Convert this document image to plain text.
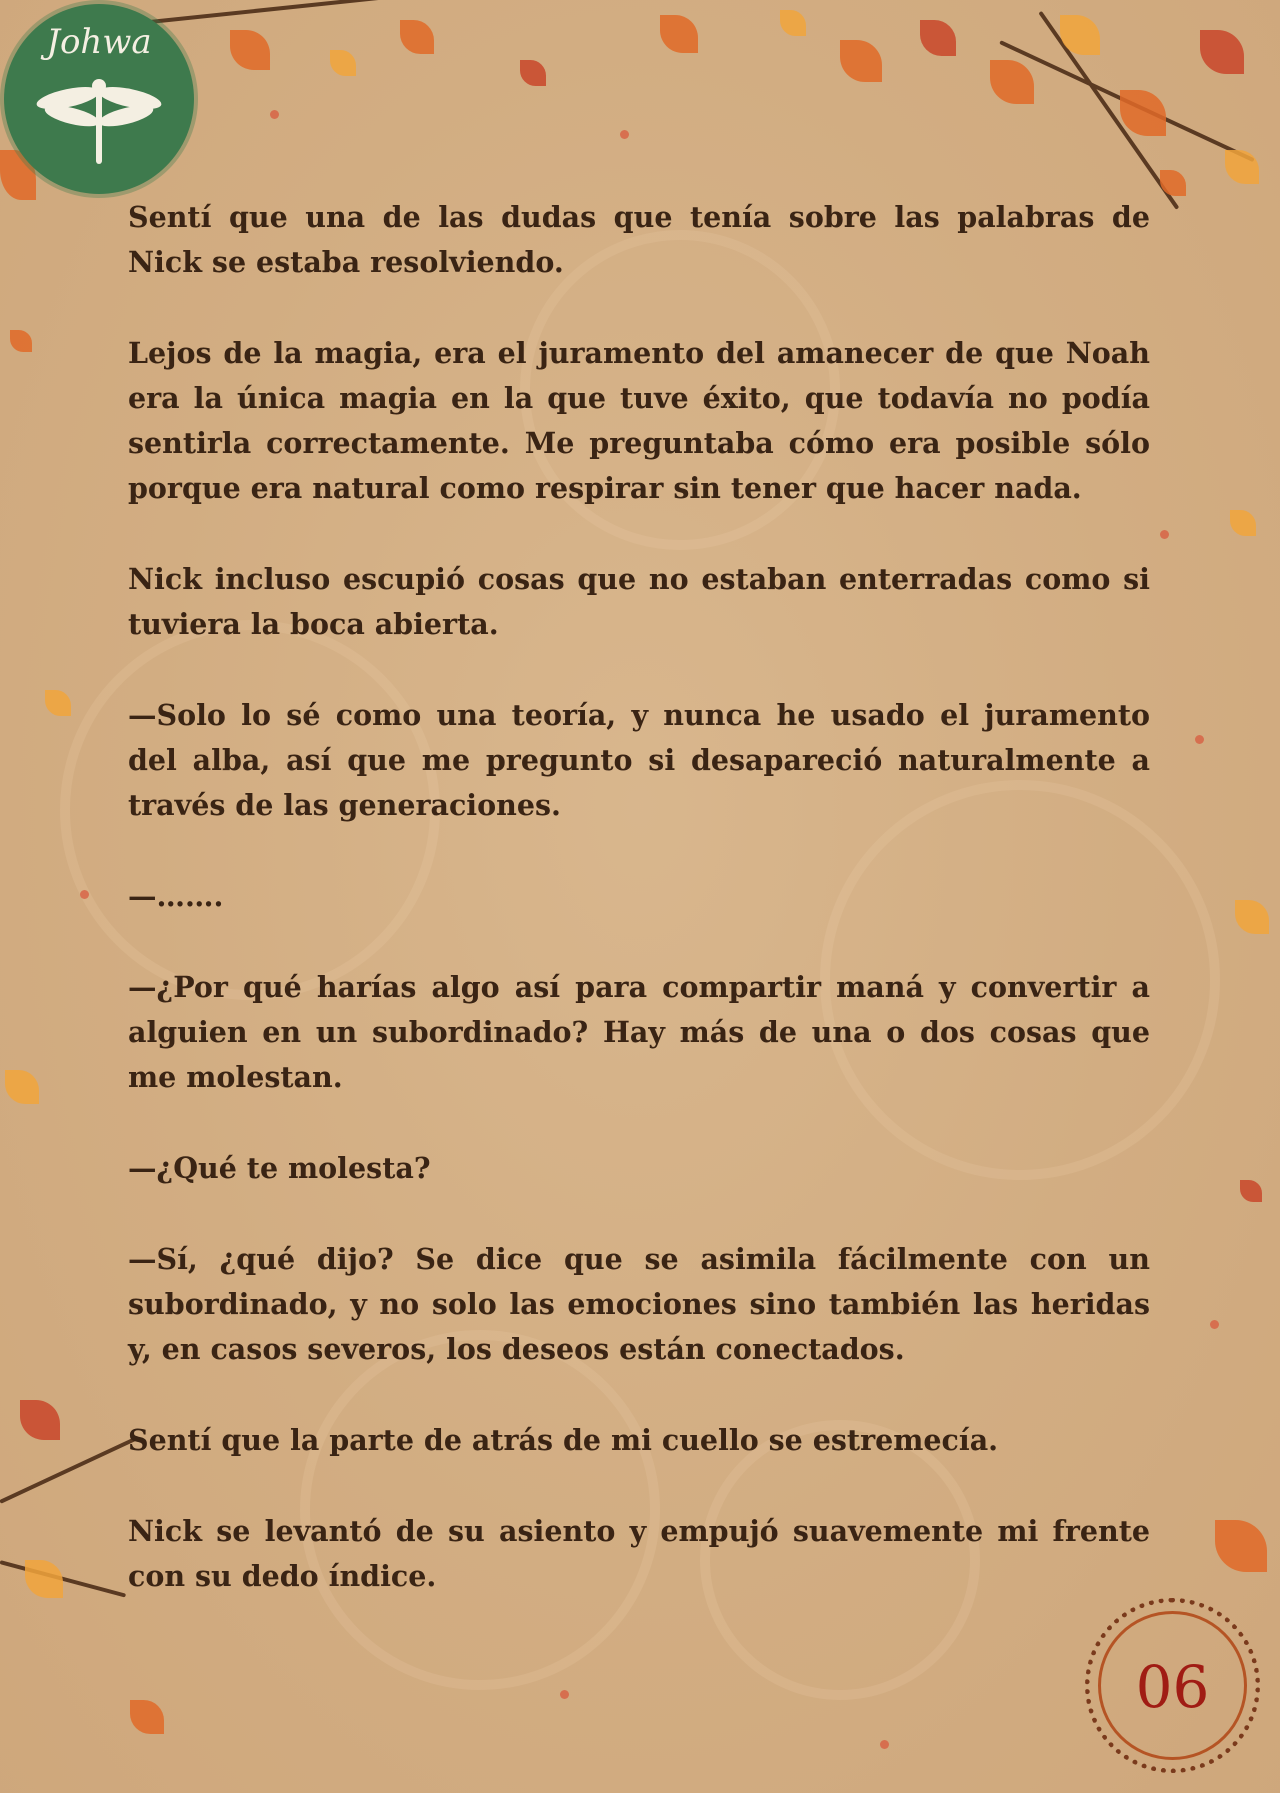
Johwa

Sentí que una de las dudas que tenía sobre las palabras de Nick se estaba resolviendo.

Lejos de la magia, era el juramento del amanecer de que Noah era la única magia en la que tuve éxito, que todavía no podía sentirla correctamente. Me preguntaba cómo era posible sólo porque era natural como respirar sin tener que hacer nada.

Nick incluso escupió cosas que no estaban enterradas como si tuviera la boca abierta.

—Solo lo sé como una teoría, y nunca he usado el juramento del alba, así que me pregunto si desapareció naturalmente a través de las generaciones.

—…….

—¿Por qué harías algo así para compartir maná y convertir a alguien en un subordinado? Hay más de una o dos cosas que me molestan.

—¿Qué te molesta?

—Sí, ¿qué dijo? Se dice que se asimila fácilmente con un subordinado, y no solo las emociones sino también las heridas y, en casos severos, los deseos están conectados.

Sentí que la parte de atrás de mi cuello se estremecía.

Nick se levantó de su asiento y empujó suavemente mi frente con su dedo índice.

06
